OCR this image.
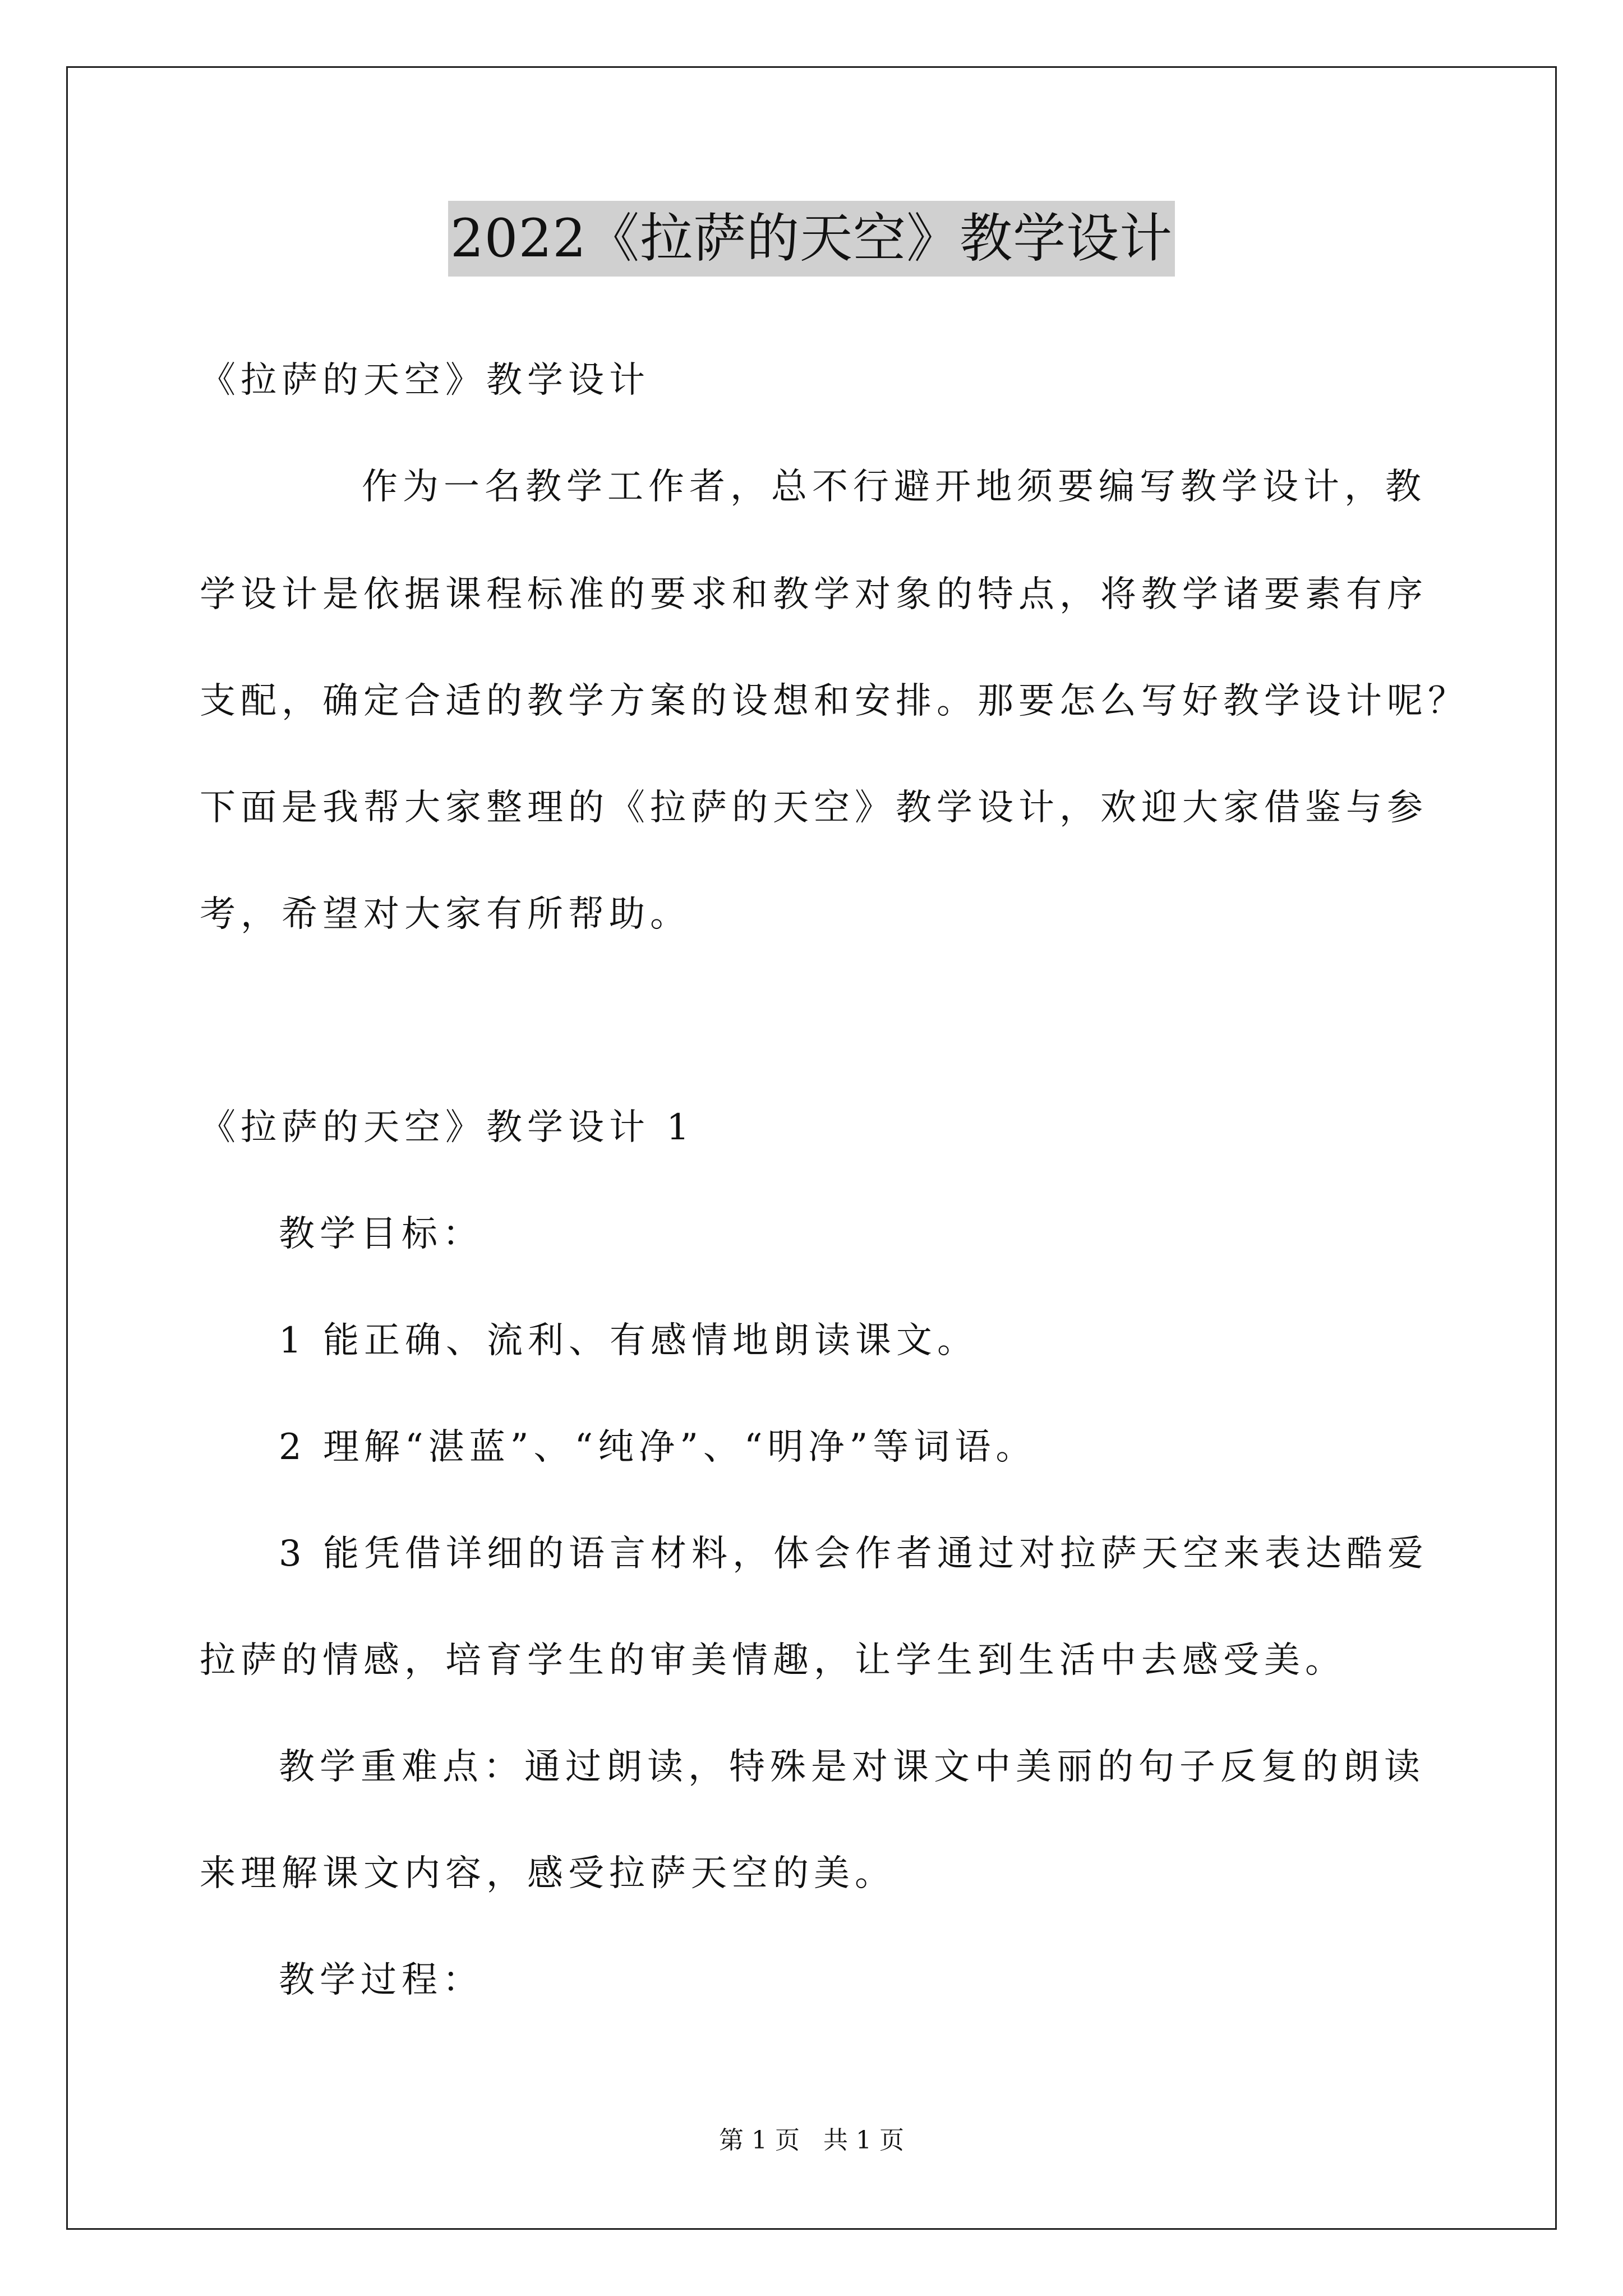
2022《拉萨的天空》教学设计
《拉萨的天空》教学设计
作为一名教学工作者，总不行避开地须要编写教学设计，教
学设计是依据课程标准的要求和教学对象的特点，将教学诸要素有序
支配，确定合适的教学方案的设想和安排。那要怎么写好教学设计呢？
下面是我帮大家整理的《拉萨的天空》教学设计，欢迎大家借鉴与参
考，希望对大家有所帮助。
《拉萨的天空》教学设计 1
教学目标：
1 能正确、流利、有感情地朗读课文。
2 理解“湛蓝”、“纯净”、“明净”等词语。
3 能凭借详细的语言材料，体会作者通过对拉萨天空来表达酷爱
拉萨的情感，培育学生的审美情趣，让学生到生活中去感受美。
教学重难点：通过朗读，特殊是对课文中美丽的句子反复的朗读
来理解课文内容，感受拉萨天空的美。
教学过程：
第 1 页 共 1 页
